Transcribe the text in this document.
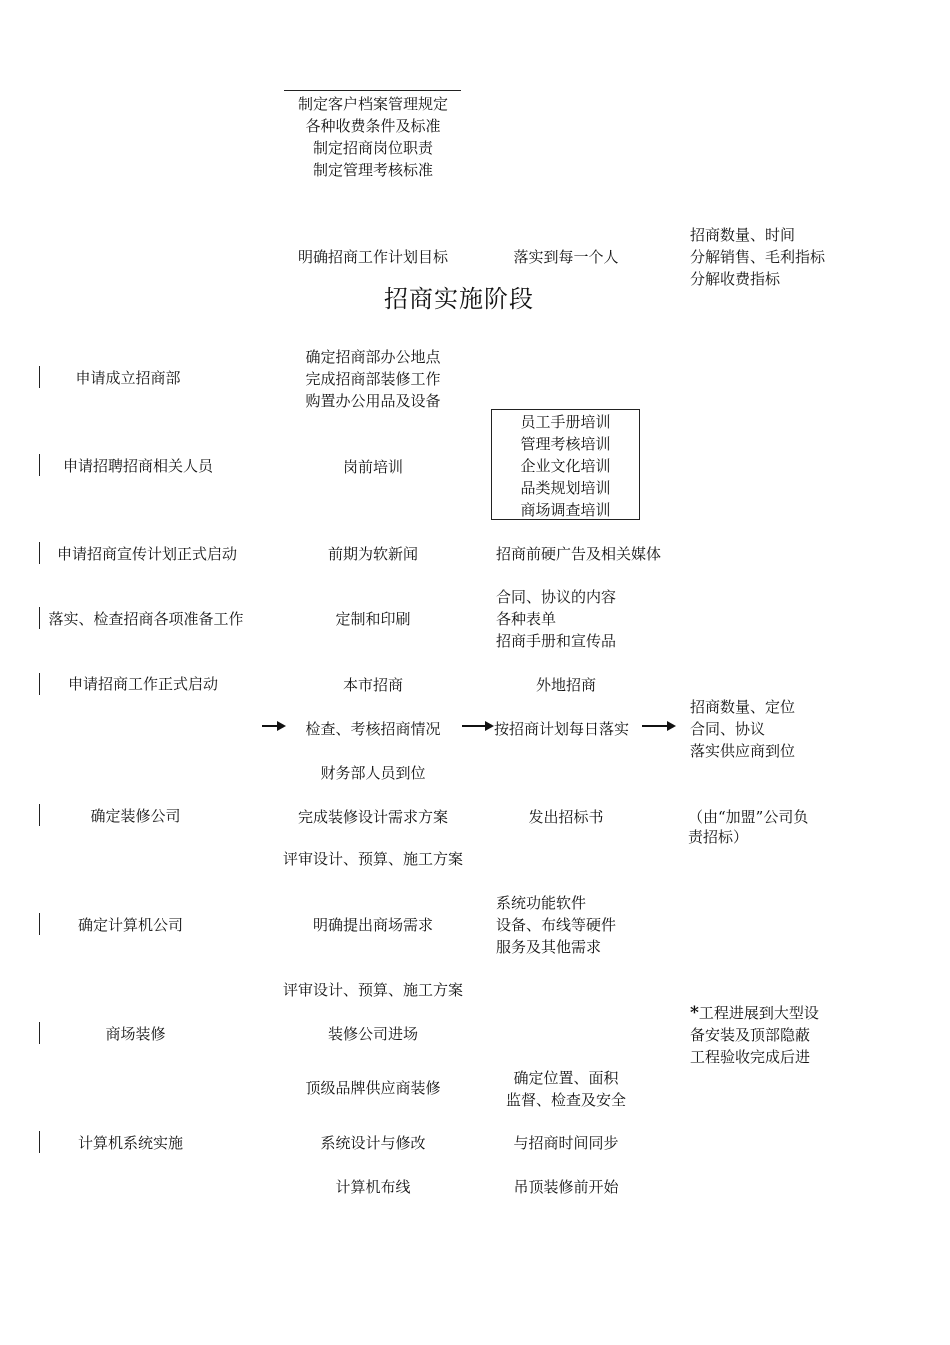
制定客户档案管理规定
各种收费条件及标准
制定招商岗位职责
制定管理考核标准
明确招商工作计划目标	落实到每一个人
招商数量、时间
分解销售、毛利指标
分解收费指标
招商实施阶段
申请成立招商部
确定招商部办公地点
完成招商部装修工作
购置办公用品及设备
申请招聘招商相关人员	岗前培训
员工手册培训
管理考核培训
企业文化培训
品类规划培训
商场调查培训
申请招商宣传计划正式启动	前期为软新闻	招商前硬广告及相关媒体
落实、检查招商各项准备工作	定制和印刷
合同、协议的内容
各种表单
招商手册和宣传品
申请招商工作正式启动	本市招商	外地招商
检查、考核招商情况	按招商计划每日落实
招商数量、定位
合同、协议
落实供应商到位
财务部人员到位
确定装修公司	完成装修设计需求方案	发出招标书	（由“加盟”公司负
责招标）
评审设计、预算、施工方案
确定计算机公司	明确提出商场需求
系统功能软件
设备、布线等硬件
服务及其他需求
评审设计、预算、施工方案
商场装修	装修公司进场
*工程进展到大型设
备安装及顶部隐蔽
工程验收完成后进
顶级品牌供应商装修
确定位置、面积
监督、检查及安全
计算机系统实施	系统设计与修改	与招商时间同步
计算机布线	吊顶装修前开始
